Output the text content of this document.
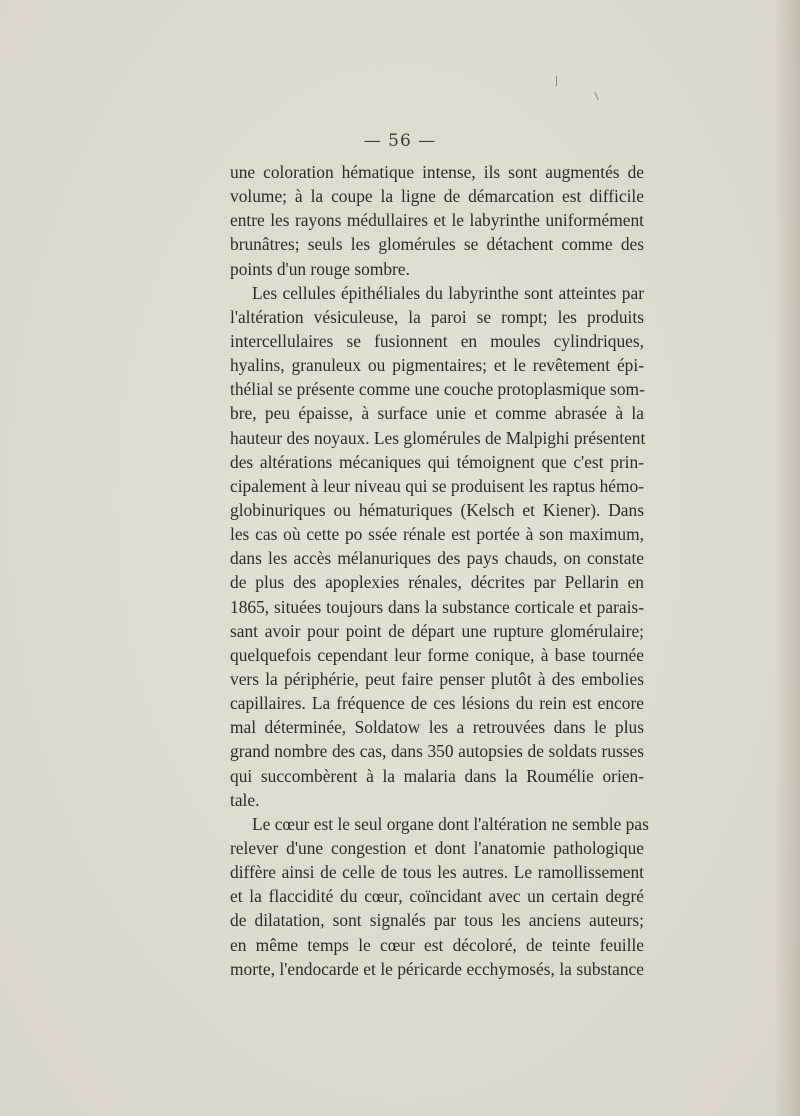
— 56 —
une coloration hématique intense, ils sont augmentés de
volume; à la coupe la ligne de démarcation est difficile
entre les rayons médullaires et le labyrinthe uniformément
brunâtres; seuls les glomérules se détachent comme des
points d'un rouge sombre.
Les cellules épithéliales du labyrinthe sont atteintes par
l'altération vésiculeuse, la paroi se rompt; les produits
intercellulaires se fusionnent en moules cylindriques,
hyalins, granuleux ou pigmentaires; et le revêtement épi-
thélial se présente comme une couche protoplasmique som-
bre, peu épaisse, à surface unie et comme abrasée à la
hauteur des noyaux. Les glomérules de Malpighi présentent
des altérations mécaniques qui témoignent que c'est prin-
cipalement à leur niveau qui se produisent les raptus hémo-
globinuriques ou hématuriques (Kelsch et Kiener). Dans
les cas où cette po ssée rénale est portée à son maximum,
dans les accès mélanuriques des pays chauds, on constate
de plus des apoplexies rénales, décrites par Pellarin en
1865, situées toujours dans la substance corticale et parais-
sant avoir pour point de départ une rupture glomérulaire;
quelquefois cependant leur forme conique, à base tournée
vers la périphérie, peut faire penser plutôt à des embolies
capillaires. La fréquence de ces lésions du rein est encore
mal déterminée, Soldatow les a retrouvées dans le plus
grand nombre des cas, dans 350 autopsies de soldats russes
qui succombèrent à la malaria dans la Roumélie orien-
tale.
Le cœur est le seul organe dont l'altération ne semble pas
relever d'une congestion et dont l'anatomie pathologique
diffère ainsi de celle de tous les autres. Le ramollissement
et la flaccidité du cœur, coïncidant avec un certain degré
de dilatation, sont signalés par tous les anciens auteurs;
en même temps le cœur est décoloré, de teinte feuille
morte, l'endocarde et le péricarde ecchymosés, la substance
